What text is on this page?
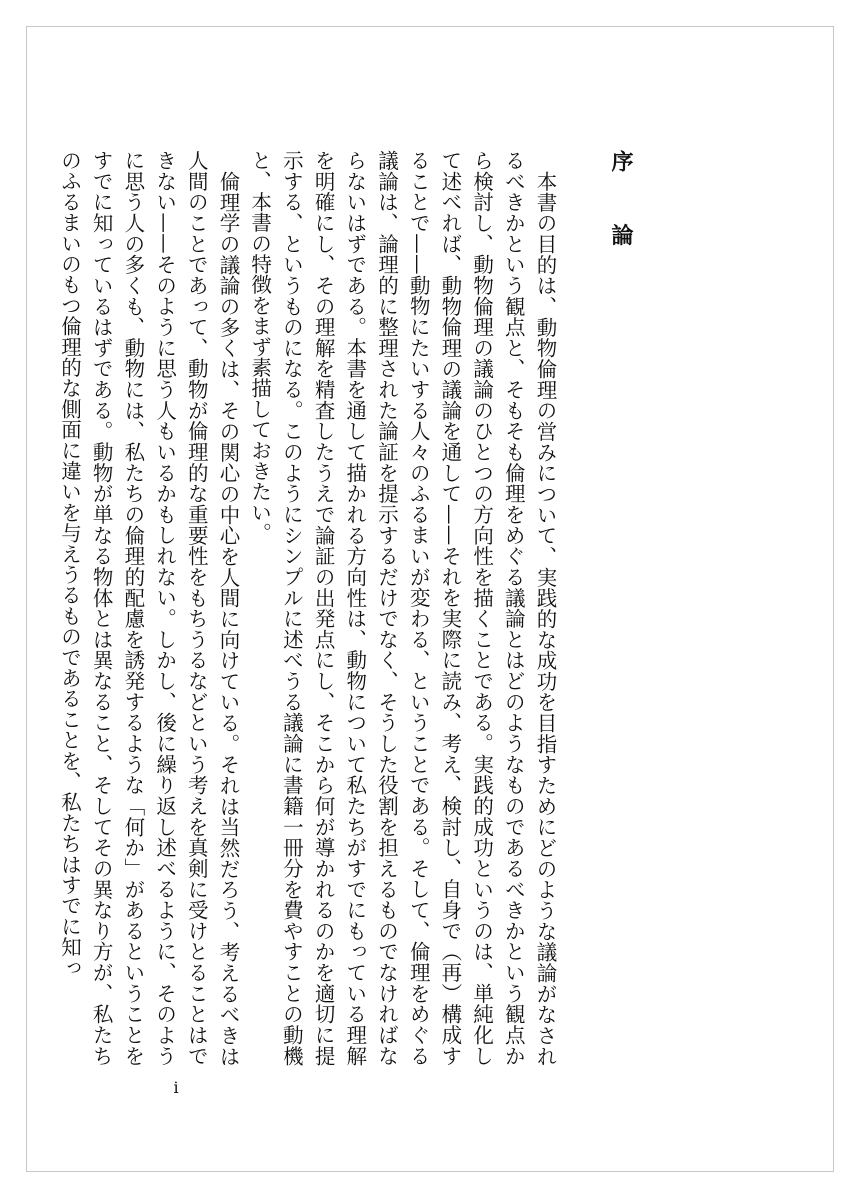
序 論

本書の目的は、動物倫理の営みについて、実践的な成功を目指すためにどのような議論がなされるべきかという観点と、そもそも倫理をめぐる議論とはどのようなものであるべきかという観点から検討し、動物倫理の議論のひとつの方向性を描くことである。実践的成功というのは、単純化して述べれば、動物倫理の議論を通して——それを実際に読み、考え、検討し、自身で（再）構成することで——動物にたいする人々のふるまいが変わる、ということである。そして、倫理をめぐる議論は、論理的に整理された論証を提示するだけでなく、そうした役割を担えるものでなければならないはずである。本書を通して描かれる方向性は、動物について私たちがすでにもっている理解を明確にし、その理解を精査したうえで論証の出発点にし、そこから何が導かれるのかを適切に提示する、というものになる。このようにシンプルに述べうる議論に書籍一冊分を費やすことの動機と、本書の特徴をまず素描しておきたい。

倫理学の議論の多くは、その関心の中心を人間に向けている。それは当然だろう、考えるべきは人間のことであって、動物が倫理的な重要性をもちうるなどという考えを真剣に受けとることはできない——そのように思う人もいるかもしれない。しかし、後に繰り返し述べるように、そのように思う人の多くも、動物には、私たちの倫理的配慮を誘発するような「何か」があるということをすでに知っているはずである。動物が単なる物体とは異なること、そしてその異なり方が、私たちのふるまいのもつ倫理的な側面に違いを与えうるものであることを、私たちはすでに知っ

i
